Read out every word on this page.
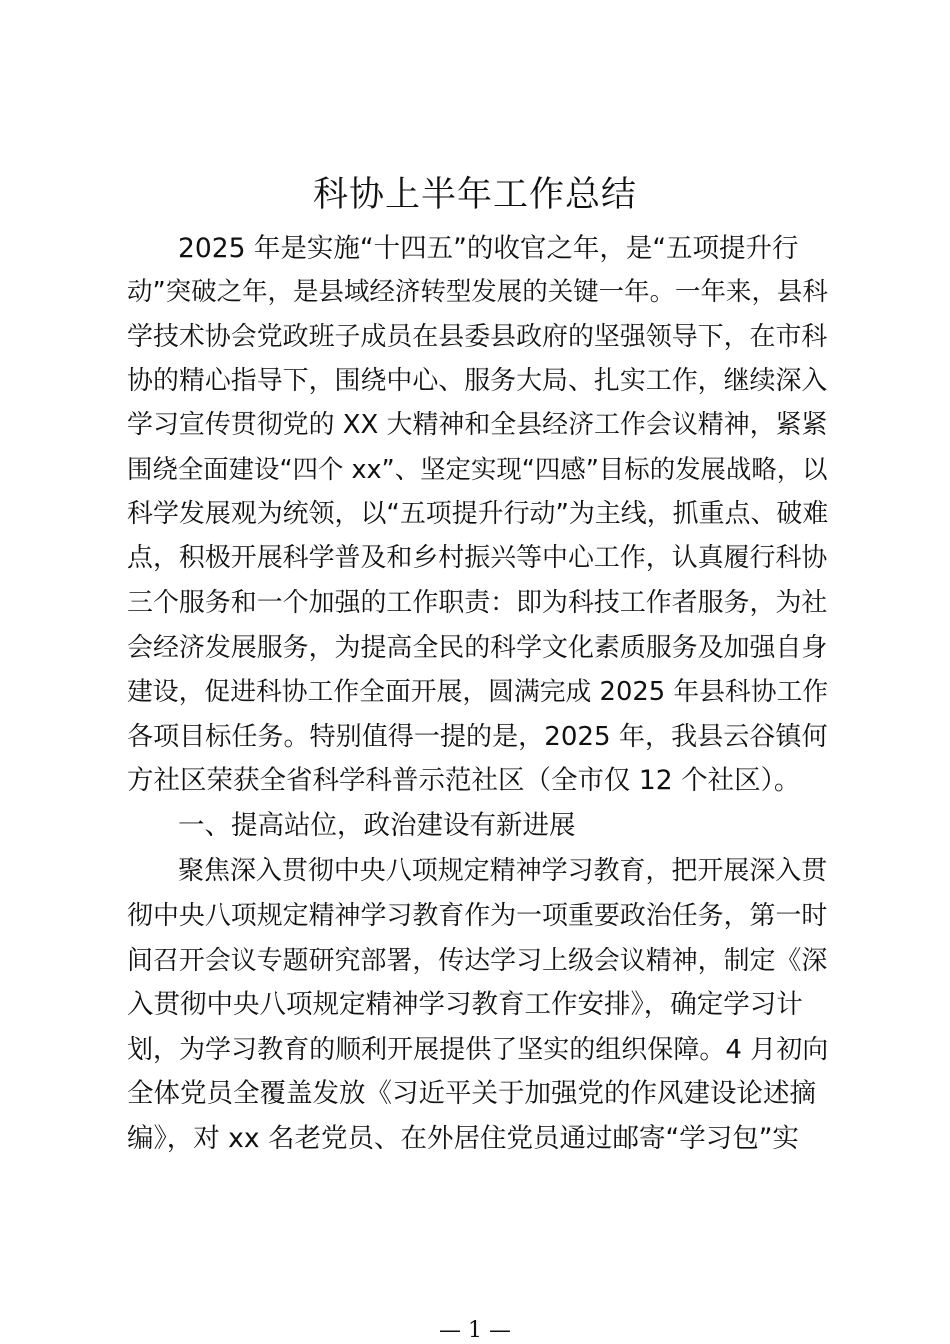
科协上半年工作总结
2025 年是实施“十四五”的收官之年，是“五项提升行
动”突破之年，是县域经济转型发展的关键一年。一年来，县科
学技术协会党政班子成员在县委县政府的坚强领导下，在市科
协的精心指导下，围绕中心、服务大局、扎实工作，继续深入
学习宣传贯彻党的 XX 大精神和全县经济工作会议精神，紧紧
围绕全面建设“四个 xx”、坚定实现“四感”目标的发展战略，以
科学发展观为统领，以“五项提升行动”为主线，抓重点、破难
点，积极开展科学普及和乡村振兴等中心工作，认真履行科协
三个服务和一个加强的工作职责：即为科技工作者服务，为社
会经济发展服务，为提高全民的科学文化素质服务及加强自身
建设，促进科协工作全面开展，圆满完成 2025 年县科协工作
各项目标任务。特别值得一提的是，2025 年，我县云谷镇何
方社区荣获全省科学科普示范社区（全市仅 12 个社区）。
一、提高站位，政治建设有新进展
聚焦深入贯彻中央八项规定精神学习教育，把开展深入贯
彻中央八项规定精神学习教育作为一项重要政治任务，第一时
间召开会议专题研究部署，传达学习上级会议精神，制定《深
入贯彻中央八项规定精神学习教育工作安排》，确定学习计
划，为学习教育的顺利开展提供了坚实的组织保障。4 月初向
全体党员全覆盖发放《习近平关于加强党的作风建设论述摘
编》，对 xx 名老党员、在外居住党员通过邮寄“学习包”实
— 1 —
